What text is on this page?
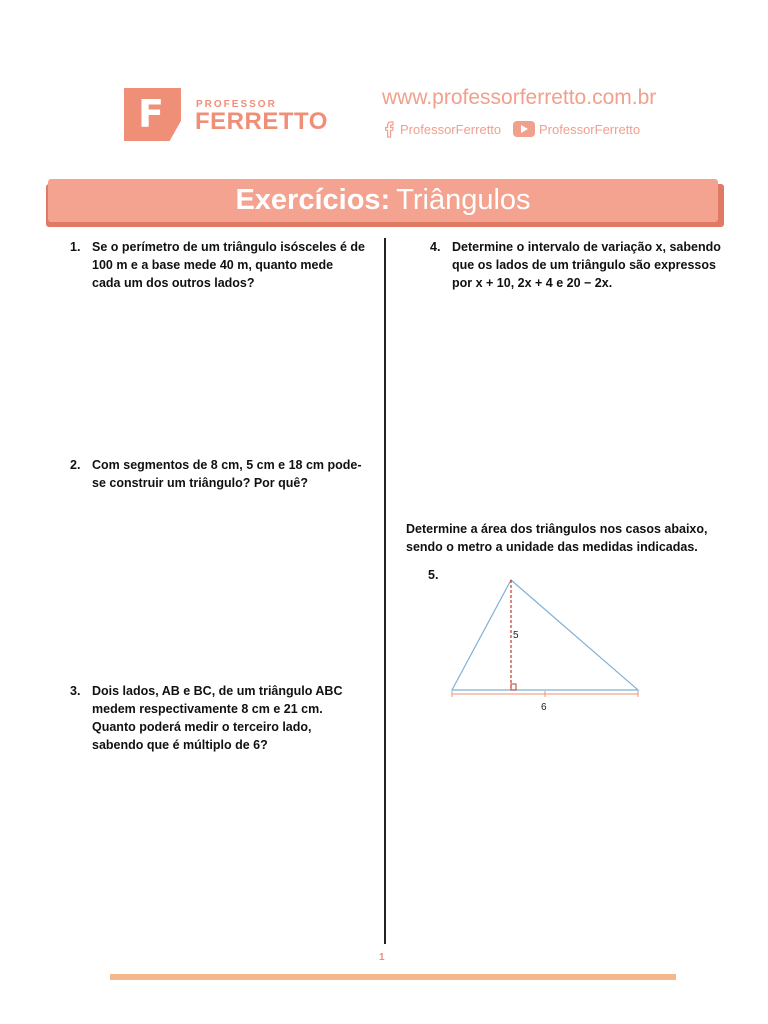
F	PROFESSOR
FERRETTO
www.professorferretto.com.br
ProfessorFerretto	ProfessorFerretto
Exercícios: Triângulos
1. Se o perímetro de um triângulo isósceles é de
100 m e a base mede 40 m, quanto mede
cada um dos outros lados?
2. Com segmentos de 8 cm, 5 cm e 18 cm pode-
se construir um triângulo? Por quê?
3. Dois lados, AB e BC, de um triângulo ABC
medem respectivamente 8 cm e 21 cm.
Quanto poderá medir o terceiro lado,
sabendo que é múltiplo de 6?
4. Determine o intervalo de variação x, sabendo
que os lados de um triângulo são expressos
por x + 10, 2x + 4 e 20 − 2x.
Determine a área dos triângulos nos casos abaixo,
sendo o metro a unidade das medidas indicadas.
5.
5
6
1
